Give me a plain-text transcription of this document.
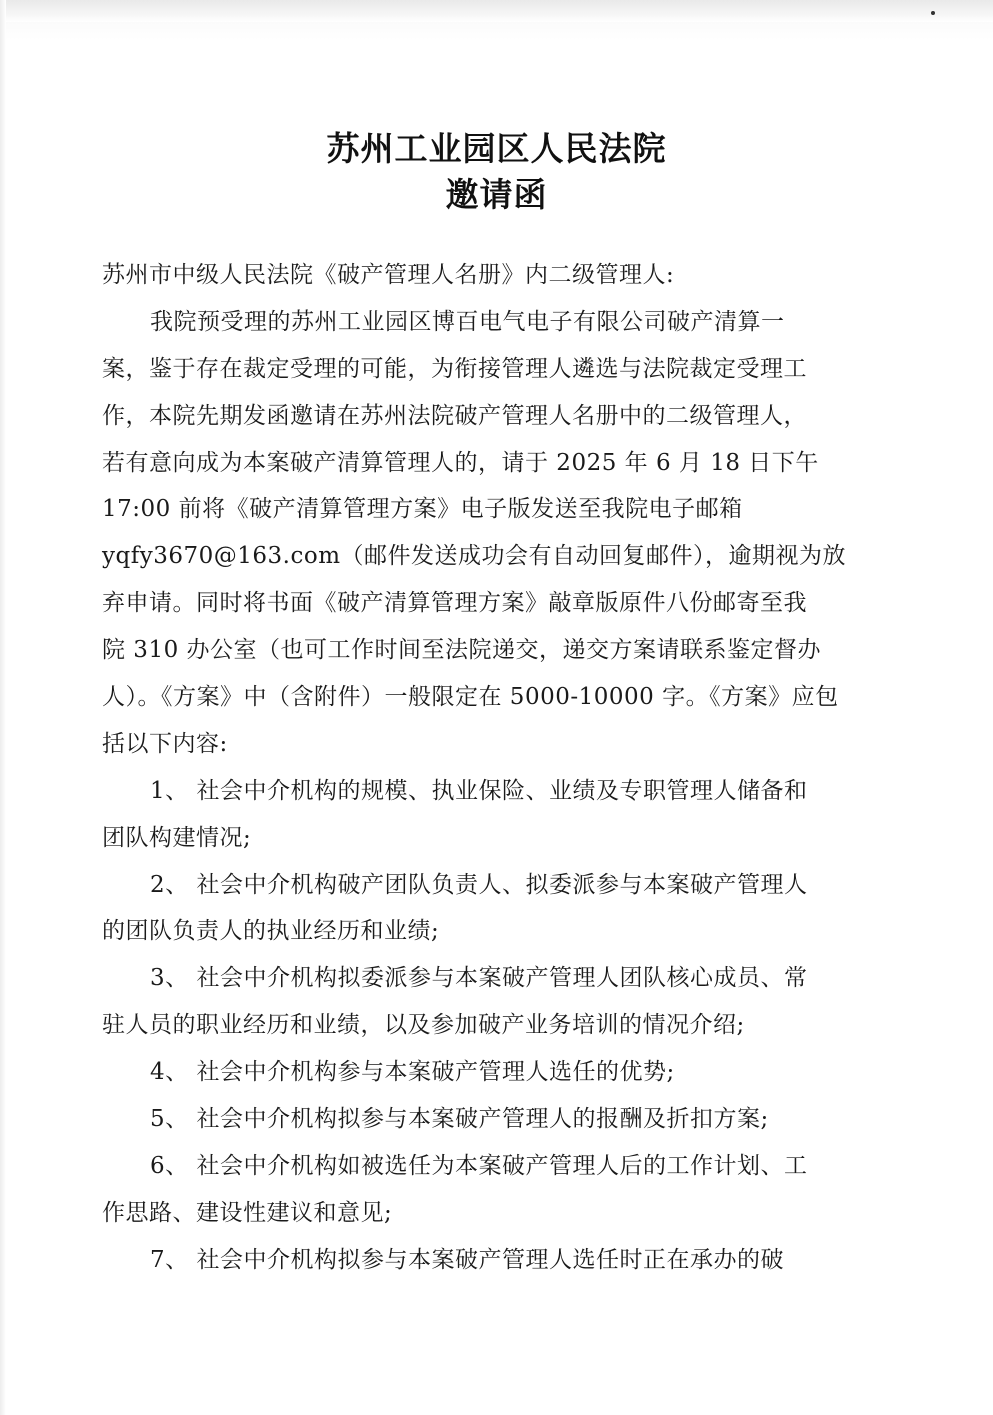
苏州工业园区人民法院
邀请函
苏州市中级人民法院《破产管理人名册》内二级管理人:
我院预受理的苏州工业园区博百电气电子有限公司破产清算一
案，鉴于存在裁定受理的可能，为衔接管理人遴选与法院裁定受理工
作，本院先期发函邀请在苏州法院破产管理人名册中的二级管理人，
若有意向成为本案破产清算管理人的，请于 2025 年 6 月 18 日下午
17:00 前将《破产清算管理方案》电子版发送至我院电子邮箱
yqfy3670@163.com（邮件发送成功会有自动回复邮件），逾期视为放
弃申请。同时将书面《破产清算管理方案》敲章版原件八份邮寄至我
院 310 办公室（也可工作时间至法院递交，递交方案请联系鉴定督办
人）。《方案》中（含附件）一般限定在 5000-10000 字。《方案》应包
括以下内容:
1、 社会中介机构的规模、执业保险、业绩及专职管理人储备和
团队构建情况;
2、 社会中介机构破产团队负责人、拟委派参与本案破产管理人
的团队负责人的执业经历和业绩;
3、 社会中介机构拟委派参与本案破产管理人团队核心成员、常
驻人员的职业经历和业绩，以及参加破产业务培训的情况介绍;
4、 社会中介机构参与本案破产管理人选任的优势;
5、 社会中介机构拟参与本案破产管理人的报酬及折扣方案;
6、 社会中介机构如被选任为本案破产管理人后的工作计划、工
作思路、建设性建议和意见;
7、 社会中介机构拟参与本案破产管理人选任时正在承办的破
